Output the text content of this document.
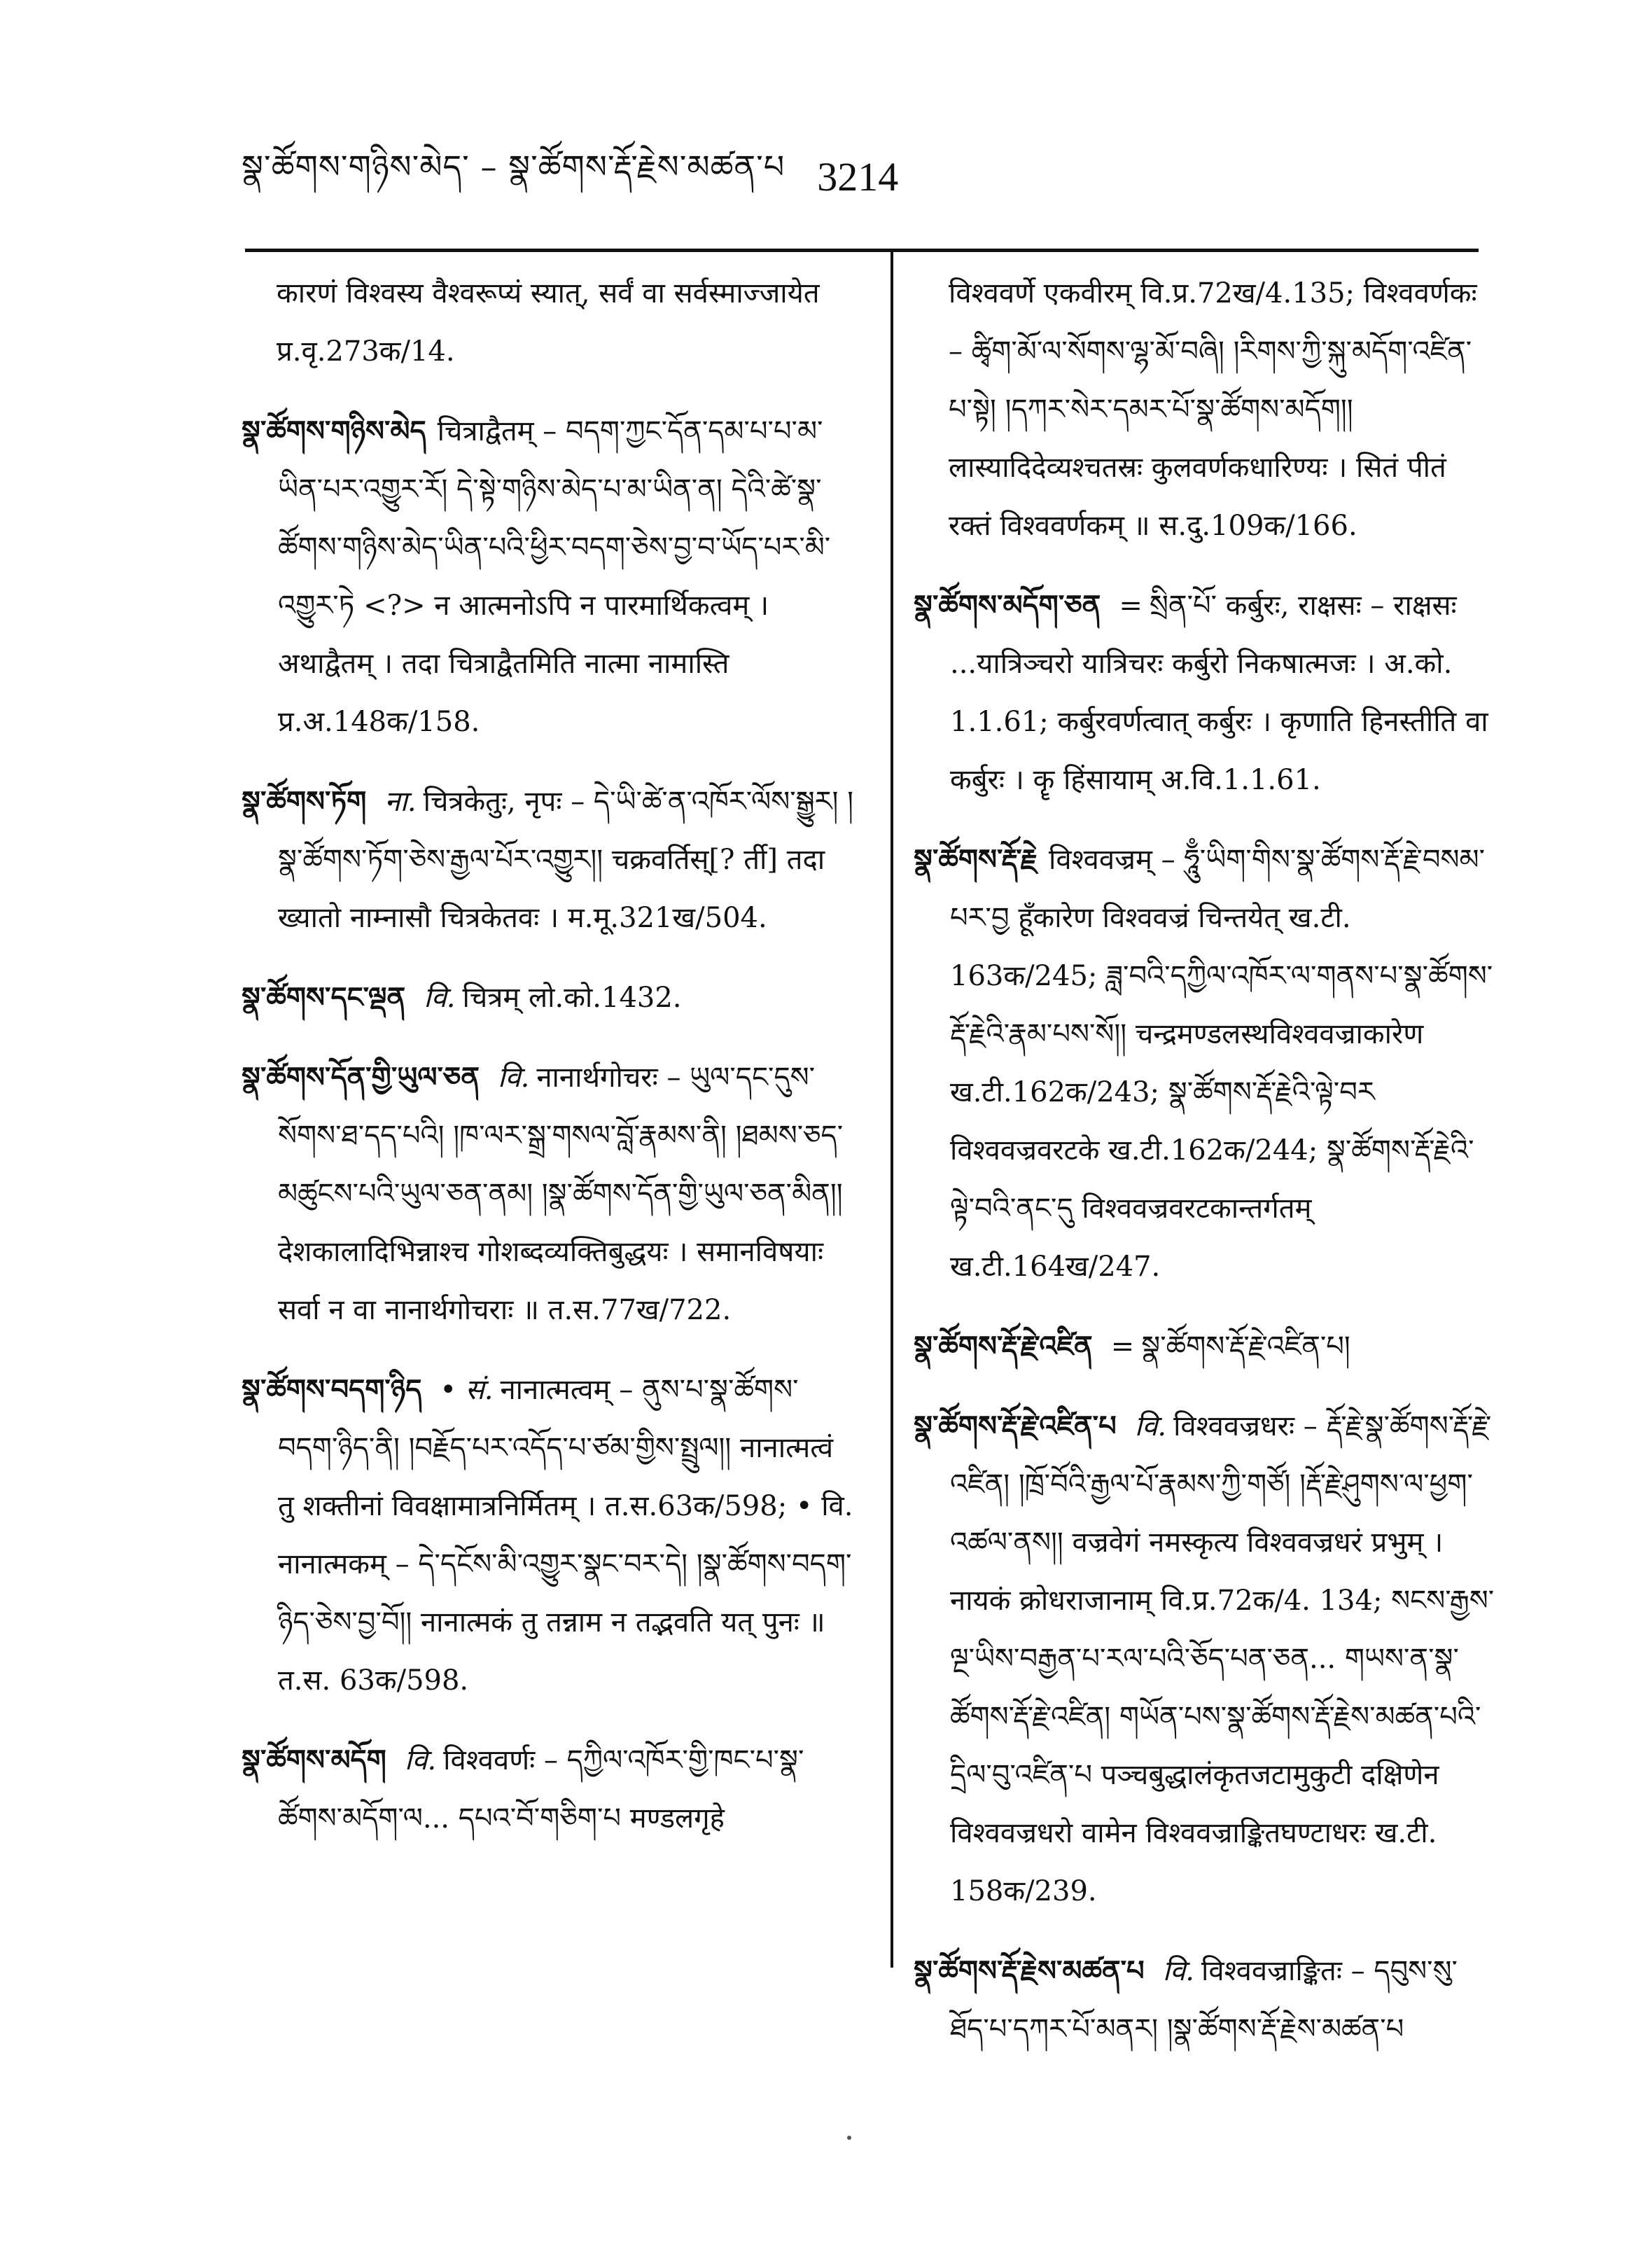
སྣ་ཚོགས་གཉིས་མེད་ – སྣ་ཚོགས་རྡོ་རྗེས་མཚན་པ 3214

कारणं विश्वस्य वैश्वरूप्यं स्यात्, सर्वं वा सर्वस्माज्जायेत प्र.वृ.273क/14.

སྣ་ཚོགས་གཉིས་མེད चित्राद्वैतम् – བདག་ཀྱང་དོན་དམ་པ་པ་མ་ཡིན་པར་འགྱུར་རོ། དེ་སྟེ་གཉིས་མེད་པ་མ་ཡིན་ན། དེའི་ཚེ་སྣ་ཚོགས་གཉིས་མེད་ཡིན་པའི་ཕྱིར་བདག་ཅེས་བྱ་བ་ཡོད་པར་མི་འགྱུར་ཏེ <?> न आत्मनोऽपि न पारमार्थिकत्वम् । अथाद्वैतम् । तदा चित्राद्वैतमिति नात्मा नामास्ति प्र.अ.148क/158.

སྣ་ཚོགས་ཏོག ना. चित्रकेतुः, नृपः – དེ་ཡི་ཚེ་ན་འཁོར་ལོས་སྒྱུར། །སྣ་ཚོགས་ཏོག་ཅེས་རྒྱལ་པོར་འགྱུར།། चक्रवर्तिस्[? र्ती] तदा ख्यातो नाम्नासौ चित्रकेतवः । म.मू.321ख/504.

སྣ་ཚོགས་དང་ལྡན वि. चित्रम् लो.को.1432.

སྣ་ཚོགས་དོན་གྱི་ཡུལ་ཅན वि. नानार्थगोचरः – ཡུལ་དང་དུས་སོགས་ཐ་དད་པའི། །ཁ་ལར་སྒྲ་གསལ་བློ་རྣམས་ནི། །ཐམས་ཅད་མཚུངས་པའི་ཡུལ་ཅན་ནམ། །སྣ་ཚོགས་དོན་གྱི་ཡུལ་ཅན་མིན།། देशकालादिभिन्नाश्च गोशब्दव्यक्तिबुद्धयः । समानविषयाः सर्वा न वा नानार्थगोचराः ॥ त.स.77ख/722.

སྣ་ཚོགས་བདག་ཉིད • सं. नानात्मत्वम् – ནུས་པ་སྣ་ཚོགས་བདག་ཉིད་ནི། །བརྗོད་པར་འདོད་པ་ཙམ་གྱིས་སྤྲུལ།། नानात्मत्वं तु शक्तीनां विवक्षामात्रनिर्मितम् । त.स.63क/598; • वि. नानात्मकम् – དེ་དངོས་མི་འགྱུར་སྣང་བར་དེ། །སྣ་ཚོགས་བདག་ཉིད་ཅེས་བྱ་བོ།། नानात्मकं तु तन्नाम न तद्भवति यत् पुनः ॥ त.स. 63क/598.

སྣ་ཚོགས་མདོག वि. विश्ववर्णः – དཀྱིལ་འཁོར་གྱི་ཁང་པ་སྣ་ཚོགས་མདོག་ལ... དཔའ་བོ་གཅིག་པ मण्डलगृहे

विश्ववर्णे एकवीरम् वि.प्र.72ख/4.135; विश्ववर्णकः – ཚྭིག་མོ་ལ་སོགས་ལྷ་མོ་བཞི། །རིགས་ཀྱི་སྐུ་མདོག་འཛིན་པ་སྟེ། །དཀར་སེར་དམར་པོ་སྣ་ཚོགས་མདོག།། लास्यादिदेव्यश्चतस्रः कुलवर्णकधारिण्यः । सितं पीतं रक्तं विश्ववर्णकम् ॥ स.दु.109क/166.

སྣ་ཚོགས་མདོག་ཅན = སྲིན་པོ་ कर्बुरः, राक्षसः – राक्षसः ...यात्रिञ्चरो यात्रिचरः कर्बुरो निकषात्मजः । अ.को. 1.1.61; कर्बुरवर्णत्वात् कर्बुरः । कृणाति हिनस्तीति वा कर्बुरः । कॄ हिंसायाम् अ.वि.1.1.61.

སྣ་ཚོགས་རྡོ་རྗེ विश्ववज्रम् – ཧཱུྃ་ཡིག་གིས་སྣ་ཚོགས་རྡོ་རྗེ་བསམ་པར་བྱ हूँकारेण विश्ववज्रं चिन्तयेत् ख.टी. 163क/245; ཟླ་བའི་དཀྱིལ་འཁོར་ལ་གནས་པ་སྣ་ཚོགས་རྡོ་རྗེའི་རྣམ་པས་སོ།། चन्द्रमण्डलस्थविश्ववज्राकारेण ख.टी.162क/243; སྣ་ཚོགས་རྡོ་རྗེའི་ལྟེ་བར विश्ववज्रवरटके ख.टी.162क/244; སྣ་ཚོགས་རྡོ་རྗེའི་ལྟེ་བའི་ནང་དུ विश्ववज्रवरटकान्तर्गतम् ख.टी.164ख/247.

སྣ་ཚོགས་རྡོ་རྗེ་འཛིན = སྣ་ཚོགས་རྡོ་རྗེ་འཛིན་པ།

སྣ་ཚོགས་རྡོ་རྗེ་འཛིན་པ वि. विश्ववज्रधरः – རྡོ་རྗེ་སྣ་ཚོགས་རྡོ་རྗེ་འཛིན། །ཁྲོ་བོའི་རྒྱལ་པོ་རྣམས་ཀྱི་གཙོ། །རྡོ་རྗེ་ཤུགས་ལ་ཕྱག་འཚལ་ནས།། वज्रवेगं नमस्कृत्य विश्ववज्रधरं प्रभुम् । नायकं क्रोधराजानाम् वि.प्र.72क/4. 134; སངས་རྒྱས་ལྔ་ཡིས་བརྒྱན་པ་རལ་པའི་ཅོད་པན་ཅན... གཡས་ན་སྣ་ཚོགས་རྡོ་རྗེ་འཛིན། གཡོན་པས་སྣ་ཚོགས་རྡོ་རྗེས་མཚན་པའི་དྲིལ་བུ་འཛིན་པ पञ्चबुद्धालंकृतजटामुकुटी दक्षिणेन विश्ववज्रधरो वामेन विश्ववज्राङ्कितघण्टाधरः ख.टी. 158क/239.

སྣ་ཚོགས་རྡོ་རྗེས་མཚན་པ वि. विश्ववज्राङ्कितः – དབུས་སུ་ཐོད་པ་དཀར་པོ་མནར། །སྣ་ཚོགས་རྡོ་རྗེས་མཚན་པ
